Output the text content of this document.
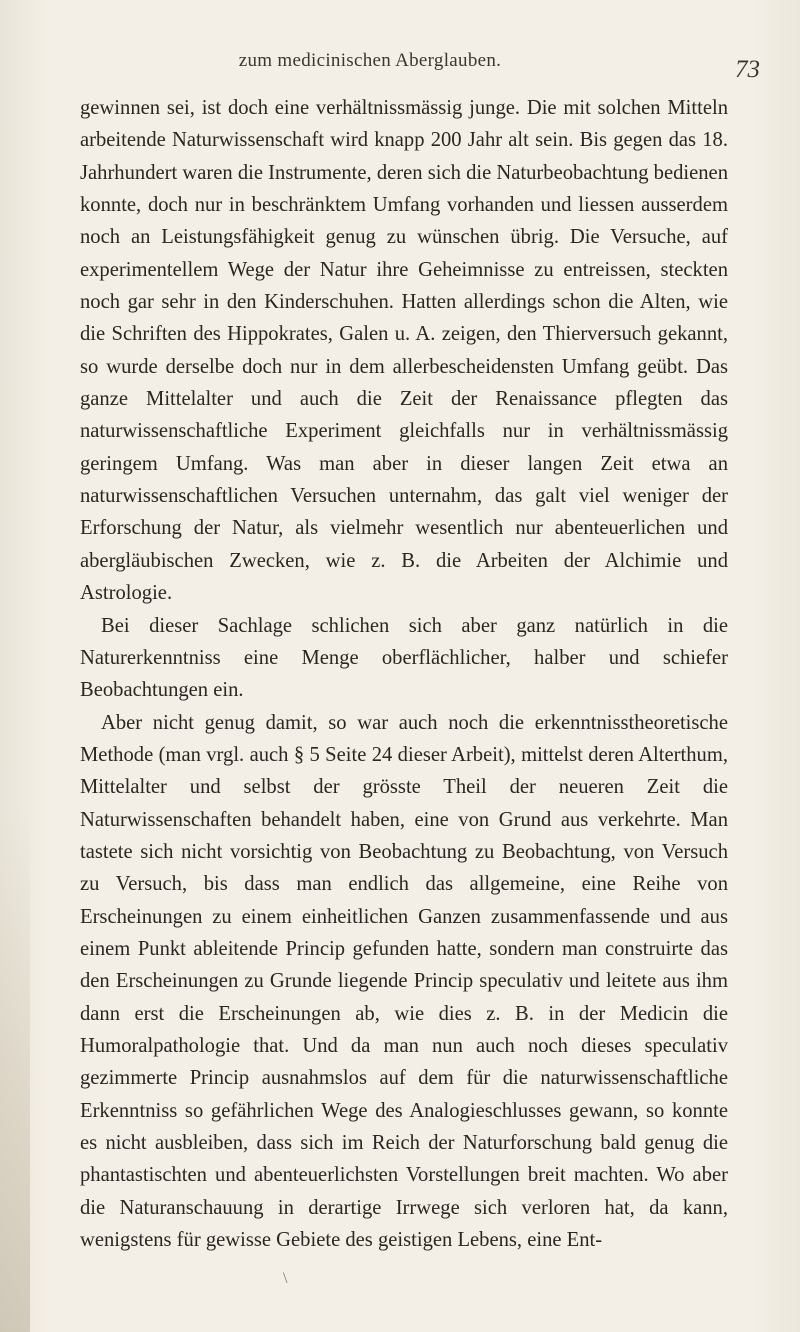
zum medicinischen Aberglauben.	73

gewinnen sei, ist doch eine verhältnissmässig junge. Die mit solchen Mitteln arbeitende Naturwissenschaft wird knapp 200 Jahr alt sein. Bis gegen das 18. Jahrhundert waren die Instrumente, deren sich die Naturbeobachtung bedienen konnte, doch nur in beschränktem Umfang vorhanden und liessen ausserdem noch an Leistungsfähigkeit genug zu wünschen übrig. Die Versuche, auf experimentellem Wege der Natur ihre Geheimnisse zu entreissen, steckten noch gar sehr in den Kinderschuhen. Hatten allerdings schon die Alten, wie die Schriften des Hippokrates, Galen u. A. zeigen, den Thierversuch gekannt, so wurde derselbe doch nur in dem allerbescheidensten Umfang geübt. Das ganze Mittelalter und auch die Zeit der Renaissance pflegten das naturwissenschaftliche Experiment gleichfalls nur in verhältnissmässig geringem Umfang. Was man aber in dieser langen Zeit etwa an naturwissenschaftlichen Versuchen unternahm, das galt viel weniger der Erforschung der Natur, als vielmehr wesentlich nur abenteuerlichen und abergläubischen Zwecken, wie z. B. die Arbeiten der Alchimie und Astrologie.

Bei dieser Sachlage schlichen sich aber ganz natürlich in die Naturerkenntniss eine Menge oberflächlicher, halber und schiefer Beobachtungen ein.

Aber nicht genug damit, so war auch noch die erkenntnisstheoretische Methode (man vrgl. auch § 5 Seite 24 dieser Arbeit), mittelst deren Alterthum, Mittelalter und selbst der grösste Theil der neueren Zeit die Naturwissenschaften behandelt haben, eine von Grund aus verkehrte. Man tastete sich nicht vorsichtig von Beobachtung zu Beobachtung, von Versuch zu Versuch, bis dass man endlich das allgemeine, eine Reihe von Erscheinungen zu einem einheitlichen Ganzen zusammenfassende und aus einem Punkt ableitende Princip gefunden hatte, sondern man construirte das den Erscheinungen zu Grunde liegende Princip speculativ und leitete aus ihm dann erst die Erscheinungen ab, wie dies z. B. in der Medicin die Humoralpathologie that. Und da man nun auch noch dieses speculativ gezimmerte Princip ausnahmslos auf dem für die naturwissenschaftliche Erkenntniss so gefährlichen Wege des Analogieschlusses gewann, so konnte es nicht ausbleiben, dass sich im Reich der Naturforschung bald genug die phantastischten und abenteuerlichsten Vorstellungen breit machten. Wo aber die Naturanschauung in derartige Irrwege sich verloren hat, da kann, wenigstens für gewisse Gebiete des geistigen Lebens, eine Ent-

\
